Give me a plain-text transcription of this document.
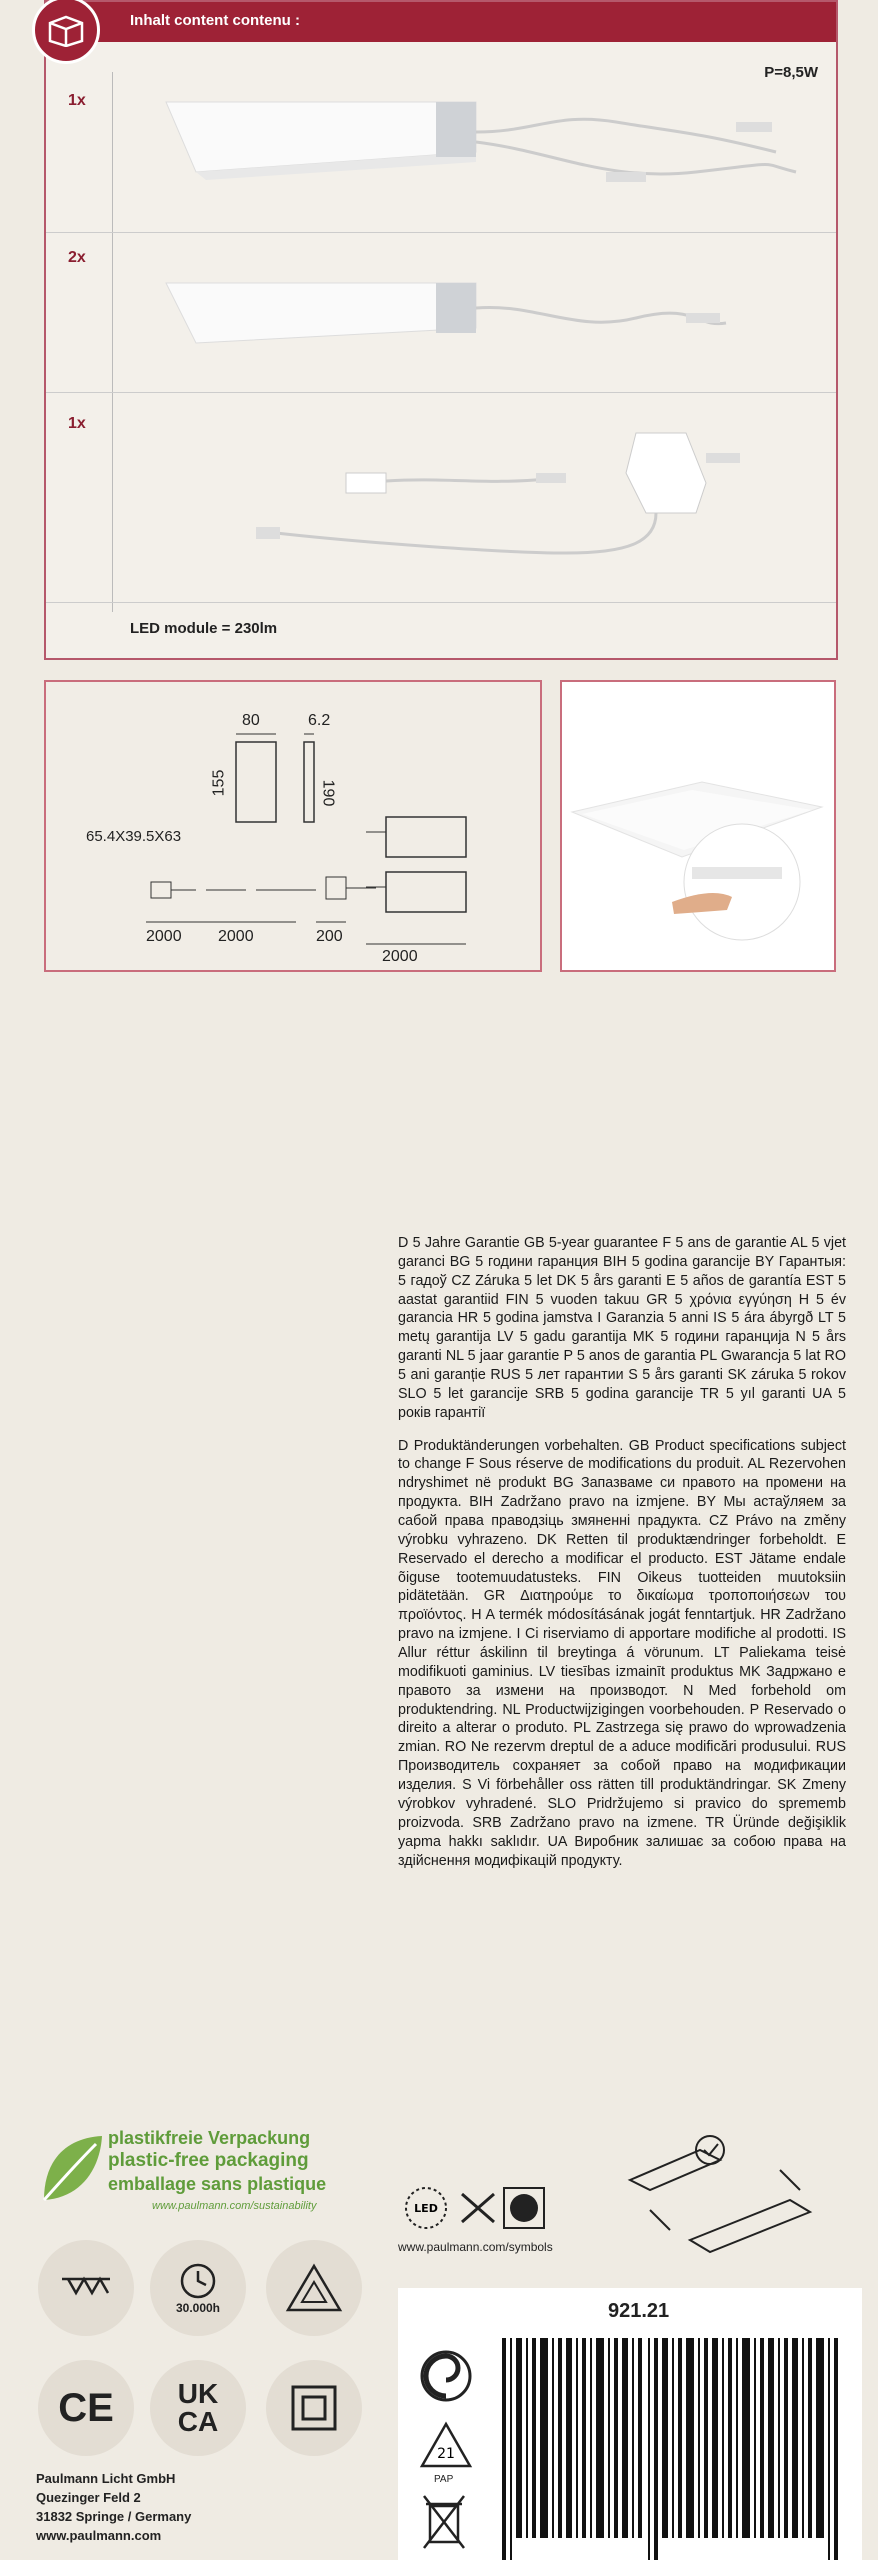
Inhalt content contenu :
P=8,5W
1x
2x
1x
LED module = 230lm
80	6.2
155	190
65.4X39.5X63
2000 2000	200
2000

D 5 Jahre Garantie GB 5-year guarantee F 5 ans de garantie AL 5 vjet garanci BG 5 години гаранция BIH 5 godina garancije BY Гарантыя: 5 гадоў CZ Záruka 5 let DK 5 års garanti E 5 años de garantía EST 5 aastat garantiid FIN 5 vuoden takuu GR 5 χρόνια εγγύηση H 5 év garancia HR 5 godina jamstva I Garanzia 5 anni IS 5 ára ábyrgð LT 5 metų garantija LV 5 gadu garantija MK 5 години гаранција N 5 års garanti NL 5 jaar garantie P 5 anos de garantia PL Gwarancja 5 lat RO 5 ani garanție RUS 5 лет гарантии S 5 års garanti SK záruka 5 rokov SLO 5 let garancije SRB 5 godina garancije TR 5 yıl garanti UA 5 років гарантії

D Produktänderungen vorbehalten. GB Product specifications subject to change F Sous réserve de modifications du produit. AL Rezervohen ndryshimet në produkt BG Запазваме си правото на промени на продукта. BIH Zadržano pravo na izmjene. BY Мы астаўляем за сабой права праводзіць змяненні прадукта. CZ Právo na změny výrobku vyhrazeno. DK Retten til produktændringer forbeholdt. E Reservado el derecho a modificar el producto. EST Jätame endale õiguse tootemuudatusteks. FIN Oikeus tuotteiden muutoksiin pidätetään. GR Διατηρούμε το δικαίωμα τροποποιήσεων του προϊόντος. H A termék módosításának jogát fenntartjuk. HR Zadržano pravo na izmjene. I Ci riserviamo di apportare modifiche al prodotti. IS Allur réttur áskilinn til breytinga á vörunum. LT Paliekama teisė modifikuoti gaminius. LV tiesības izmainīt produktus MK Задржано е правото за измени на производот. N Med forbehold om produktendring. NL Productwijzigingen voorbehouden. P Reservado o direito a alterar o produto. PL Zastrzega się prawo do wprowadzenia zmian. RO Ne rezervm dreptul de a aduce modificări produsului. RUS Производитель сохраняет за собой право на модификации изделия. S Vi förbehåller oss rätten till produktändringar. SK Zmeny výrobkov vyhradené. SLO Pridržujemo si pravico do sprememb proizvoda. SRB Zadržano pravo na izmene. TR Üründe değişiklik yapma hakkı saklıdır. UA Виробник залишає за собою права на здійснення модифікацій продукту.

plastikfreie Verpackung
plastic-free packaging
emballage sans plastique
www.paulmann.com/sustainability
30.000h
CE	UK
CA
LED
www.paulmann.com/symbols
Paulmann Licht GmbH
Quezinger Feld 2
31832 Springe / Germany
www.paulmann.com
921.21
21
PAP
